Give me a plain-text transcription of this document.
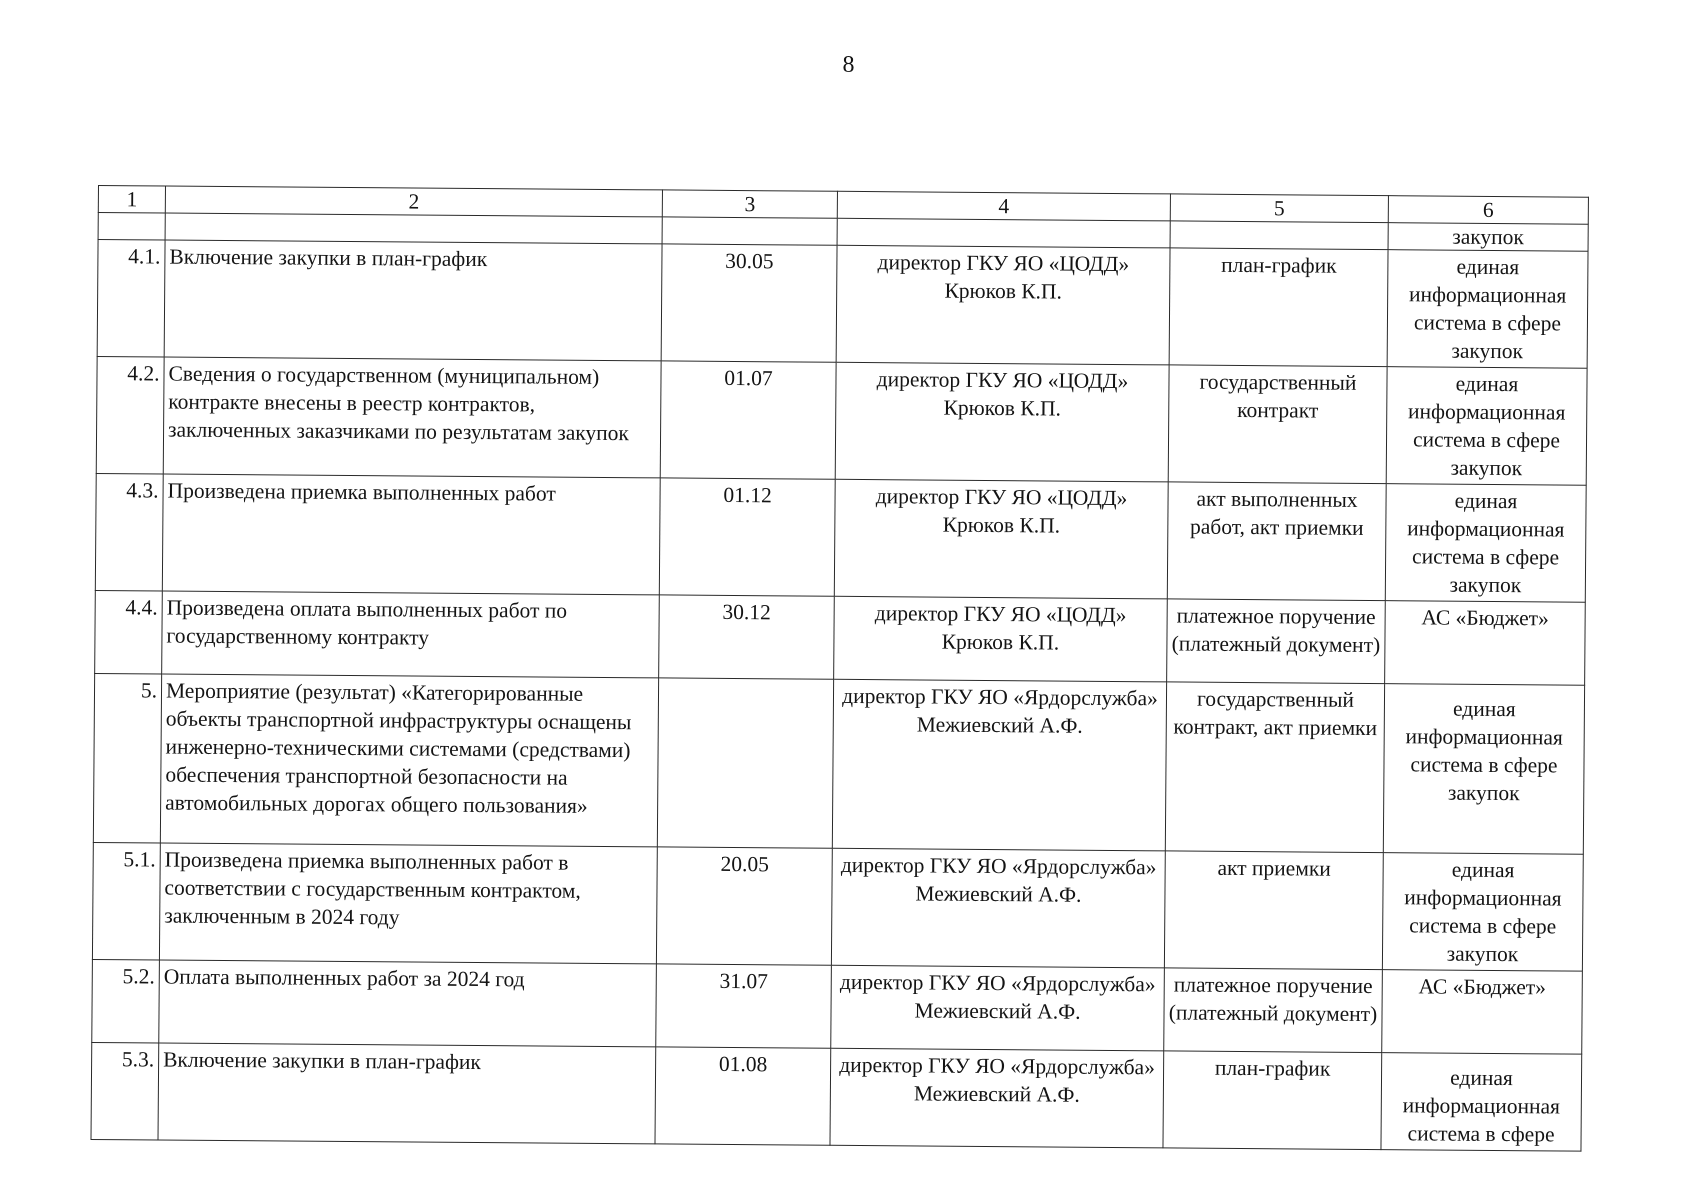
8
1	2	3	4	5	6
					закупок
4.1.	Включение закупки в план-график	30.05	директор ГКУ ЯО «ЦОДД» Крюков К.П.	план-график	единая информационная система в сфере закупок
4.2.	Сведения о государственном (муниципальном) контракте внесены в реестр контрактов, заключенных заказчиками по результатам закупок	01.07	директор ГКУ ЯО «ЦОДД» Крюков К.П.	государственный контракт	единая информационная система в сфере закупок
4.3.	Произведена приемка выполненных работ	01.12	директор ГКУ ЯО «ЦОДД» Крюков К.П.	акт выполненных работ, акт приемки	единая информационная система в сфере закупок
4.4.	Произведена оплата выполненных работ по государственному контракту	30.12	директор ГКУ ЯО «ЦОДД» Крюков К.П.	платежное поручение (платежный документ)	АС «Бюджет»
5.	Мероприятие (результат) «Категорированные объекты транспортной инфраструктуры оснащены инженерно-техническими системами (средствами) обеспечения транспортной безопасности на автомобильных дорогах общего пользования»		директор ГКУ ЯО «Ярдорслужба» Межиевский А.Ф.	государственный контракт, акт приемки	единая информационная система в сфере закупок
5.1.	Произведена приемка выполненных работ в соответствии с государственным контрактом, заключенным в 2024 году	20.05	директор ГКУ ЯО «Ярдорслужба» Межиевский А.Ф.	акт приемки	единая информационная система в сфере закупок
5.2.	Оплата выполненных работ за 2024 год	31.07	директор ГКУ ЯО «Ярдорслужба» Межиевский А.Ф.	платежное поручение (платежный документ)	АС «Бюджет»
5.3.	Включение закупки в план-график	01.08	директор ГКУ ЯО «Ярдорслужба» Межиевский А.Ф.	план-график	единая информационная система в сфере
